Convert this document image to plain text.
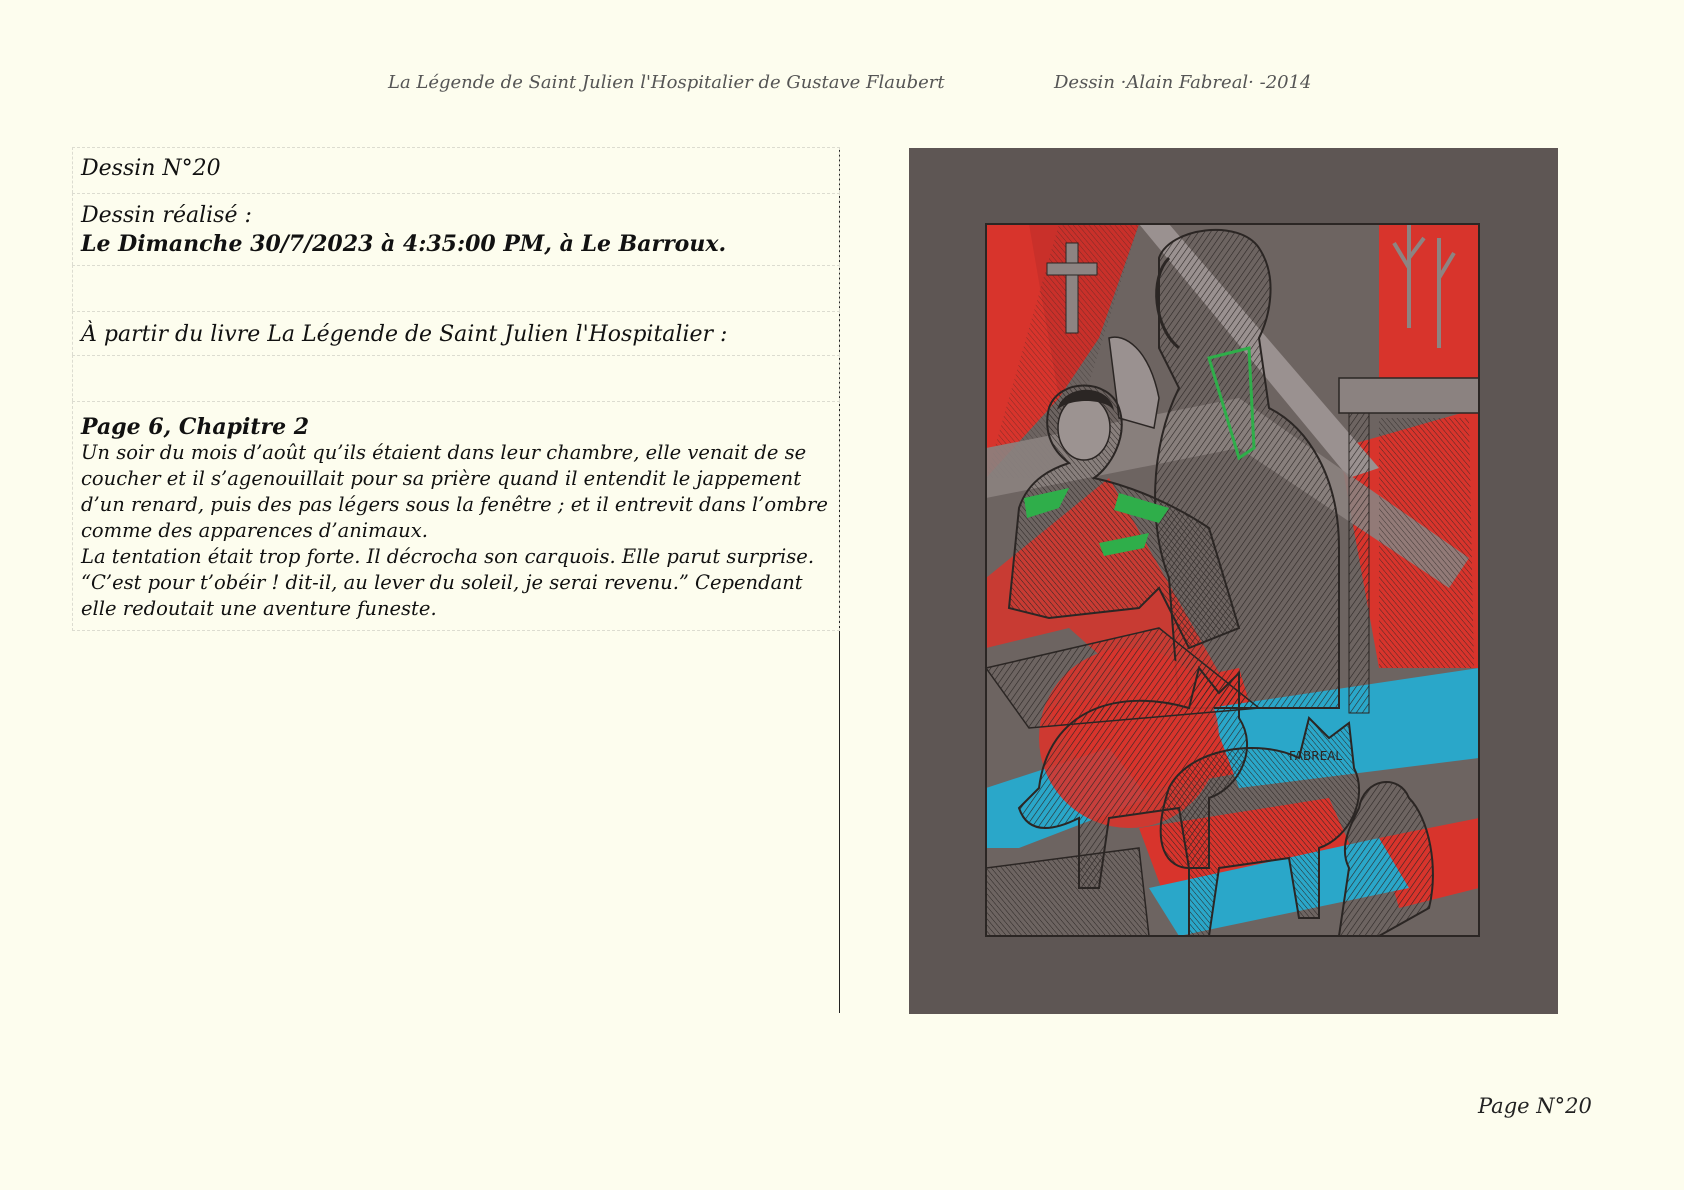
La Légende de Saint Julien l'Hospitalier de Gustave Flaubert	Dessin ·Alain Fabreal· -2014
Dessin N°20
Dessin réalisé :
Le Dimanche 30/7/2023 à 4:35:00 PM, à Le Barroux.
À partir du livre La Légende de Saint Julien l'Hospitalier :
Page 6, Chapitre 2
Un soir du mois d’août qu’ils étaient dans leur chambre, elle venait de se coucher et il s’agenouillait pour sa prière quand il entendit le jappement d’un renard, puis des pas légers sous la fenêtre ; et il entrevit dans l’ombre comme des apparences d’animaux.
La tentation était trop forte. Il décrocha son carquois. Elle parut surprise. “C’est pour t’obéir ! dit-il, au lever du soleil, je serai revenu.” Cependant elle redoutait une aventure funeste.
FABREAL
Page N°20
